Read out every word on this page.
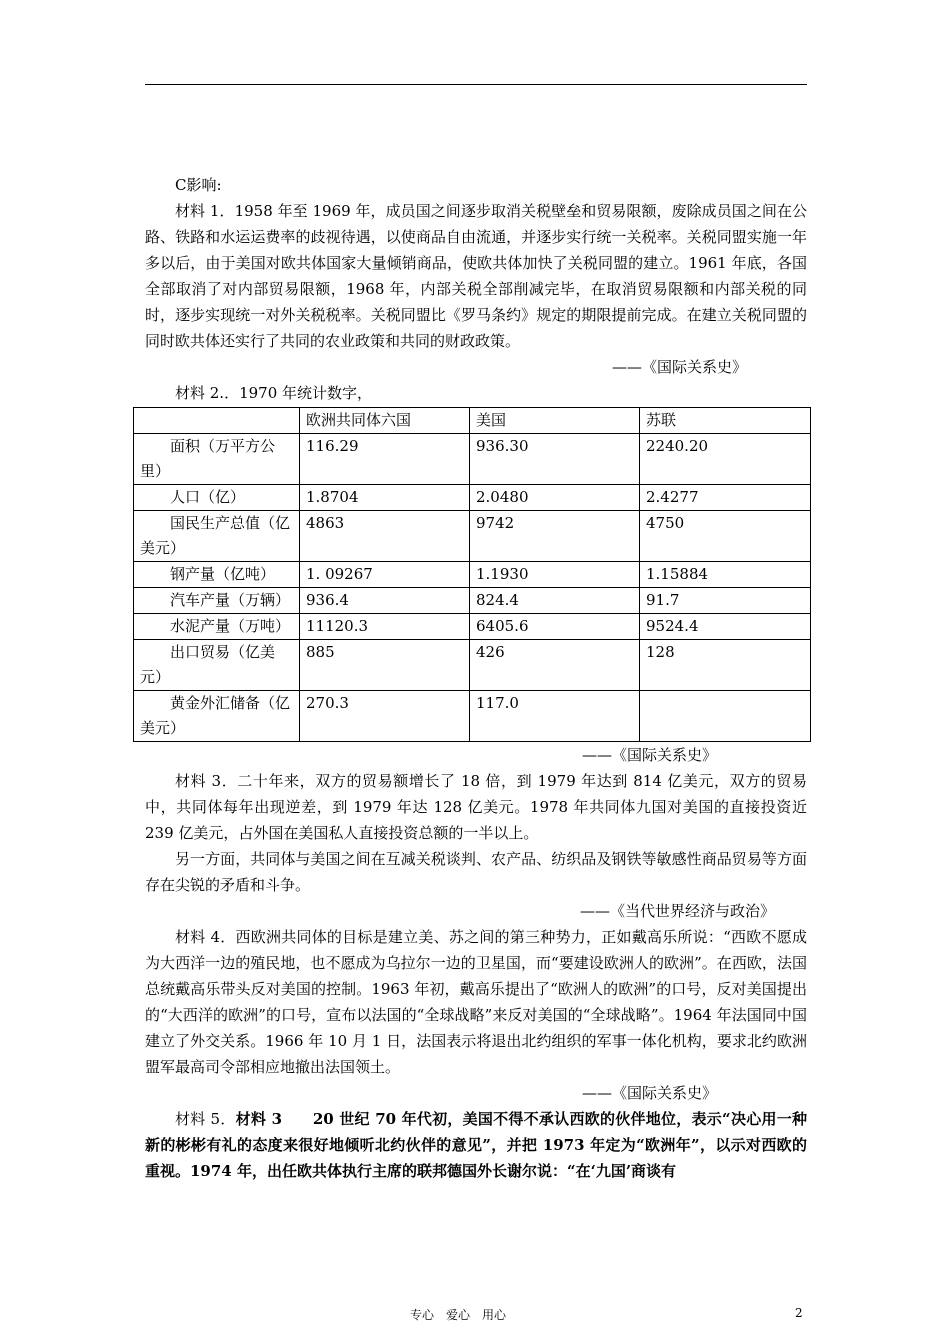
C影响:

材料 1．1958 年至 1969 年，成员国之间逐步取消关税壁垒和贸易限额，废除成员国之间在公路、铁路和水运运费率的歧视待遇，以使商品自由流通，并逐步实行统一关税率。关税同盟实施一年多以后，由于美国对欧共体国家大量倾销商品，使欧共体加快了关税同盟的建立。1961 年底，各国全部取消了对内部贸易限额，1968 年，内部关税全部削减完毕，在取消贸易限额和内部关税的同时，逐步实现统一对外关税税率。关税同盟比《罗马条约》规定的期限提前完成。在建立关税同盟的同时欧共体还实行了共同的农业政策和共同的财政政策。

——《国际关系史》

材料 2.．1970 年统计数字，

	欧洲共同体六国	美国	苏联
面积（万平方公里）	116.29	936.30	2240.20
人口（亿）	1.8704	2.0480	2.4277
国民生产总值（亿美元）	4863	9742	4750
钢产量（亿吨）	1. 09267	1.1930	1.15884
汽车产量（万辆）	936.4	824.4	91.7
水泥产量（万吨）	11120.3	6405.6	9524.4
出口贸易（亿美元）	885	426	128
黄金外汇储备（亿美元）	270.3	117.0	

——《国际关系史》

材料 3．二十年来，双方的贸易额增长了 18 倍，到 1979 年达到 814 亿美元，双方的贸易中，共同体每年出现逆差，到 1979 年达 128 亿美元。1978 年共同体九国对美国的直接投资近 239 亿美元，占外国在美国私人直接投资总额的一半以上。

另一方面，共同体与美国之间在互减关税谈判、农产品、纺织品及钢铁等敏感性商品贸易等方面存在尖锐的矛盾和斗争。

——《当代世界经济与政治》

材料 4．西欧洲共同体的目标是建立美、苏之间的第三种势力，正如戴高乐所说：“西欧不愿成为大西洋一边的殖民地，也不愿成为乌拉尔一边的卫星国，而“要建设欧洲人的欧洲”。在西欧，法国总统戴高乐带头反对美国的控制。1963 年初，戴高乐提出了“欧洲人的欧洲”的口号，反对美国提出的“大西洋的欧洲”的口号，宣布以法国的“全球战略”来反对美国的“全球战略”。1964 年法国同中国建立了外交关系。1966 年 10 月 1 日，法国表示将退出北约组织的军事一体化机构，要求北约欧洲盟军最高司令部相应地撤出法国领土。

——《国际关系史》

材料 5．材料 3　　20 世纪 70 年代初，美国不得不承认西欧的伙伴地位，表示“决心用一种新的彬彬有礼的态度来很好地倾听北约伙伴的意见”，并把 1973 年定为“欧洲年”，以示对西欧的重视。1974 年，出任欧共体执行主席的联邦德国外长谢尔说：“在‘九国’商谈有

专心　爱心　用心	2
